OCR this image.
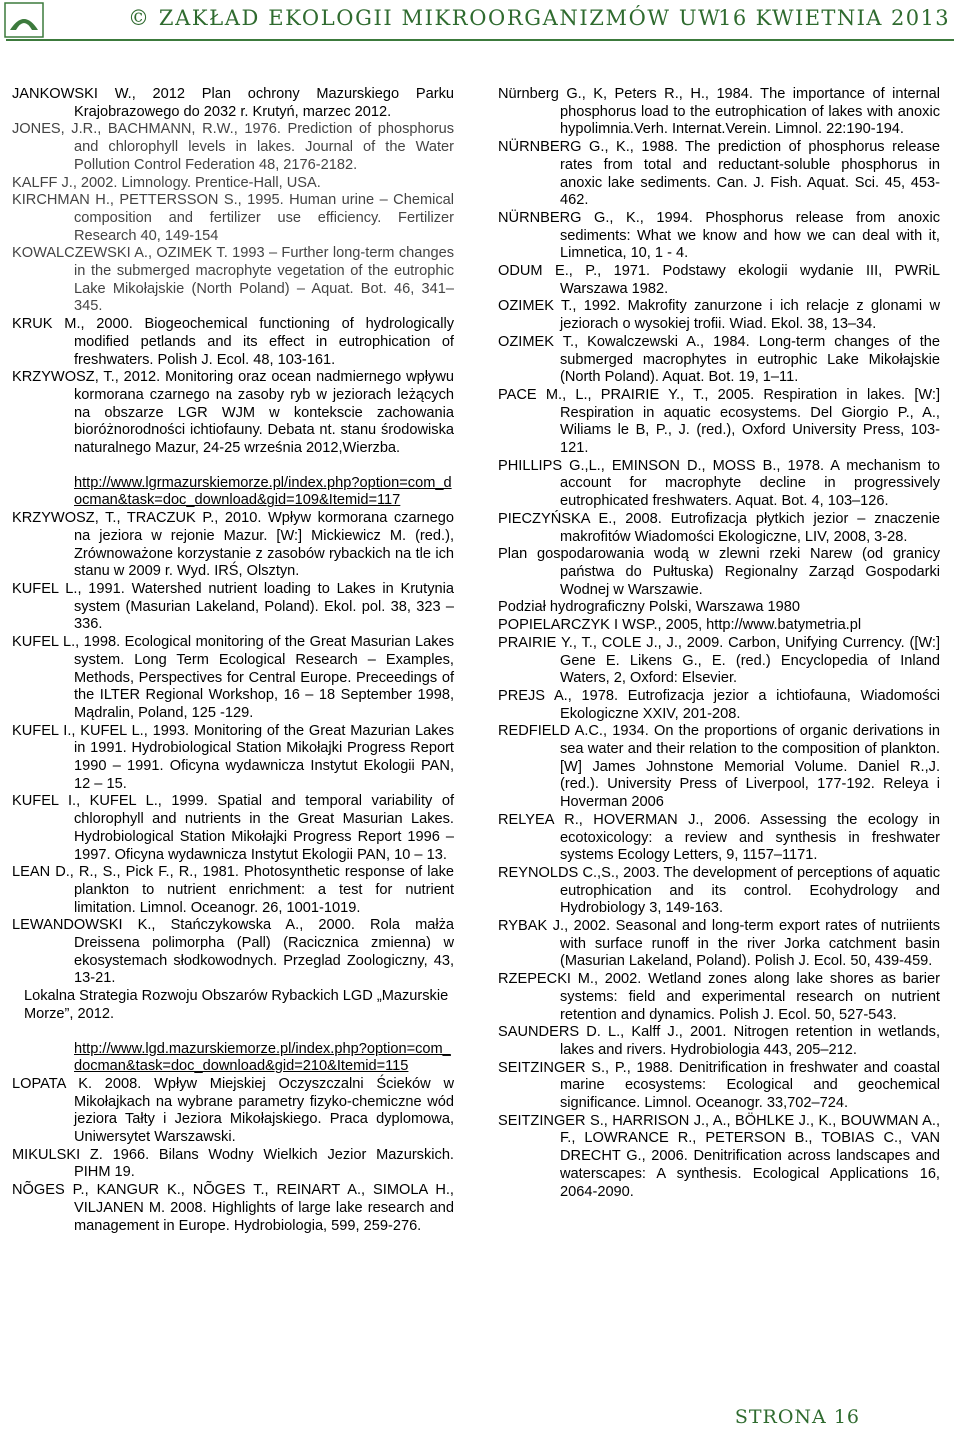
© ZAKŁAD EKOLOGII MIKROORGANIZMÓW UW
16 KWIETNIA 2013

JANKOWSKI W., 2012 Plan ochrony Mazurskiego Parku Krajobrazowego do 2032 r. Krutyń, marzec 2012.

JONES, J.R., BACHMANN, R.W., 1976. Prediction of phosphorus and chlorophyll levels in lakes. Journal of the Water Pollution Control Federation 48, 2176-2182.

KALFF J., 2002. Limnology. Prentice-Hall, USA.

KIRCHMAN H., PETTERSSON S., 1995. Human urine – Chemical composition and fertilizer use efficiency. Fertilizer Research 40, 149-154

KOWALCZEWSKI A., OZIMEK T. 1993 – Further long-term changes in the submerged macrophyte vegetation of the eutrophic Lake Mikołajskie (North Poland) – Aquat. Bot. 46, 341–345.

KRUK M., 2000. Biogeochemical functioning of hydrologically modified petlands and its effect in eutrophication of freshwaters. Polish J. Ecol. 48, 103-161.

KRZYWOSZ, T., 2012. Monitoring oraz ocean nadmiernego wpływu kormorana czarnego na zasoby ryb w jeziorach leżących na obszarze LGR WJM w kontekscie zachowania bioróżnorodności ichtiofauny. Debata nt. stanu środowiska naturalnego Mazur, 24-25 września 2012,Wierzba.

http://www.lgrmazurskiemorze.pl/index.php?option=com_docman&task=doc_download&gid=109&Itemid=117

KRZYWOSZ, T., TRACZUK P., 2010. Wpływ kormorana czarnego na jeziora w rejonie Mazur. [W:] Mickiewicz M. (red.), Zrównoważone korzystanie z zasobów rybackich na tle ich stanu w 2009 r. Wyd. IRŚ, Olsztyn.

KUFEL L., 1991. Watershed nutrient loading to Lakes in Krutynia system (Masurian Lakeland, Poland). Ekol. pol. 38, 323 – 336.

KUFEL L., 1998. Ecological monitoring of the Great Masurian Lakes system. Long Term Ecological Research – Examples, Methods, Perspectives for Central Europe. Preceedings of the ILTER Regional Workshop, 16 – 18 September 1998, Mądralin, Poland, 125 -129.

KUFEL I., KUFEL L., 1993. Monitoring of the Great Mazurian Lakes in 1991. Hydrobiological Station Mikołajki Progress Report 1990 – 1991. Oficyna wydawnicza Instytut Ekologii PAN, 12 – 15.

KUFEL I., KUFEL L., 1999. Spatial and temporal variability of chlorophyll and nutrients in the Great Masurian Lakes. Hydrobiological Station Mikołajki Progress Report 1996 – 1997. Oficyna wydawnicza Instytut Ekologii PAN, 10 – 13.

LEAN D., R., S., Pick F., R., 1981. Photosynthetic response of lake plankton to nutrient enrichment: a test for nutrient limitation. Limnol. Oceanogr. 26, 1001-1019.

LEWANDOWSKI K., Stańczykowska A., 2000. Rola małża Dreissena polimorpha (Pall) (Racicznica zmienna) w ekosystemach słodkowodnych. Przeglad Zoologiczny, 43, 13-21.

Lokalna Strategia Rozwoju Obszarów Rybackich LGD „Mazurskie Morze”, 2012.

http://www.lgd.mazurskiemorze.pl/index.php?option=com_docman&task=doc_download&gid=210&Itemid=115

LOPATA K. 2008. Wpływ Miejskiej Oczyszczalni Ścieków w Mikołajkach na wybrane parametry fizyko-chemiczne wód jeziora Tałty i Jeziora Mikołajskiego. Praca dyplomowa, Uniwersytet Warszawski.

MIKULSKI Z. 1966. Bilans Wodny Wielkich Jezior Mazurskich. PIHM 19.

NÕGES P., KANGUR K., NÕGES T., REINART A., SIMOLA H., VILJANEN M. 2008. Highlights of large lake research and management in Europe. Hydrobiologia, 599, 259-276.

Nürnberg G., K, Peters R., H., 1984. The importance of internal phosphorus load to the eutrophication of lakes with anoxic hypolimnia.Verh. Internat.Verein. Limnol. 22:190-194.

NÜRNBERG G., K., 1988. The prediction of phosphorus release rates from total and reductant-soluble phosphorus in anoxic lake sediments. Can. J. Fish. Aquat. Sci. 45, 453-462.

NÜRNBERG G., K., 1994. Phosphorus release from anoxic sediments: What we know and how we can deal with it, Limnetica, 10, 1 - 4.

ODUM E., P., 1971. Podstawy ekologii wydanie III, PWRiL Warszawa 1982.

OZIMEK T., 1992. Makrofity zanurzone i ich relacje z glonami w jeziorach o wysokiej trofii. Wiad. Ekol. 38, 13–34.

OZIMEK T., Kowalczewski A., 1984. Long-term changes of the submerged macrophytes in eutrophic Lake Mikołajskie (North Poland). Aquat. Bot. 19, 1–11.

PACE M., L., PRAIRIE Y., T., 2005. Respiration in lakes. [W:] Respiration in aquatic ecosystems. Del Giorgio P., A., Wiliams le B, P., J. (red.), Oxford University Press, 103-121.

PHILLIPS G.,L., EMINSON D., MOSS B., 1978. A mechanism to account for macrophyte decline in progressively eutrophicated freshwaters. Aquat. Bot. 4, 103–126.

PIECZYŃSKA E., 2008. Eutrofizacja płytkich jezior – znaczenie makrofitów Wiadomości Ekologiczne, LIV, 2008, 3-28.

Plan gospodarowania wodą w zlewni rzeki Narew (od granicy państwa do Pułtuska) Regionalny Zarząd Gospodarki Wodnej w Warszawie.

Podział hydrograficzny Polski, Warszawa 1980

POPIELARCZYK I WSP., 2005, http://www.batymetria.pl

PRAIRIE Y., T., COLE J., J., 2009. Carbon, Unifying Currency. ([W:] Gene E. Likens G., E. (red.) Encyclopedia of Inland Waters, 2, Oxford: Elsevier.

PREJS A., 1978. Eutrofizacja jezior a ichtiofauna, Wiadomości Ekologiczne XXIV, 201-208.

REDFIELD A.C., 1934. On the proportions of organic derivations in sea water and their relation to the composition of plankton. [W] James Johnstone Memorial Volume. Daniel R.,J. (red.). University Press of Liverpool, 177-192. Releya i Hoverman 2006

RELYEA R., HOVERMAN J., 2006. Assessing the ecology in ecotoxicology: a review and synthesis in freshwater systems Ecology Letters, 9, 1157–1171.

REYNOLDS C.,S., 2003. The development of perceptions of aquatic eutrophication and its control. Ecohydrology and Hydrobiology 3, 149-163.

RYBAK J., 2002. Seasonal and long-term export rates of nutriients with surface runoff in the river Jorka catchment basin (Masurian Lakeland, Poland). Polish J. Ecol. 50, 439-459.

RZEPECKI M., 2002. Wetland zones along lake shores as barier systems: field and experimental research on nutrient retention and dynamics. Polish J. Ecol. 50, 527-543.

SAUNDERS D. L., Kalff J., 2001. Nitrogen retention in wetlands, lakes and rivers. Hydrobiologia 443, 205–212.

SEITZINGER S., P., 1988. Denitrification in freshwater and coastal marine ecosystems: Ecological and geochemical significance. Limnol. Oceanogr. 33,702–724.

SEITZINGER S., HARRISON J., A., BÖHLKE J., K., BOUWMAN A., F., LOWRANCE R., PETERSON B., TOBIAS C., VAN DRECHT G., 2006. Denitrification across landscapes and waterscapes: A synthesis. Ecological Applications 16, 2064-2090.

STRONA 16
